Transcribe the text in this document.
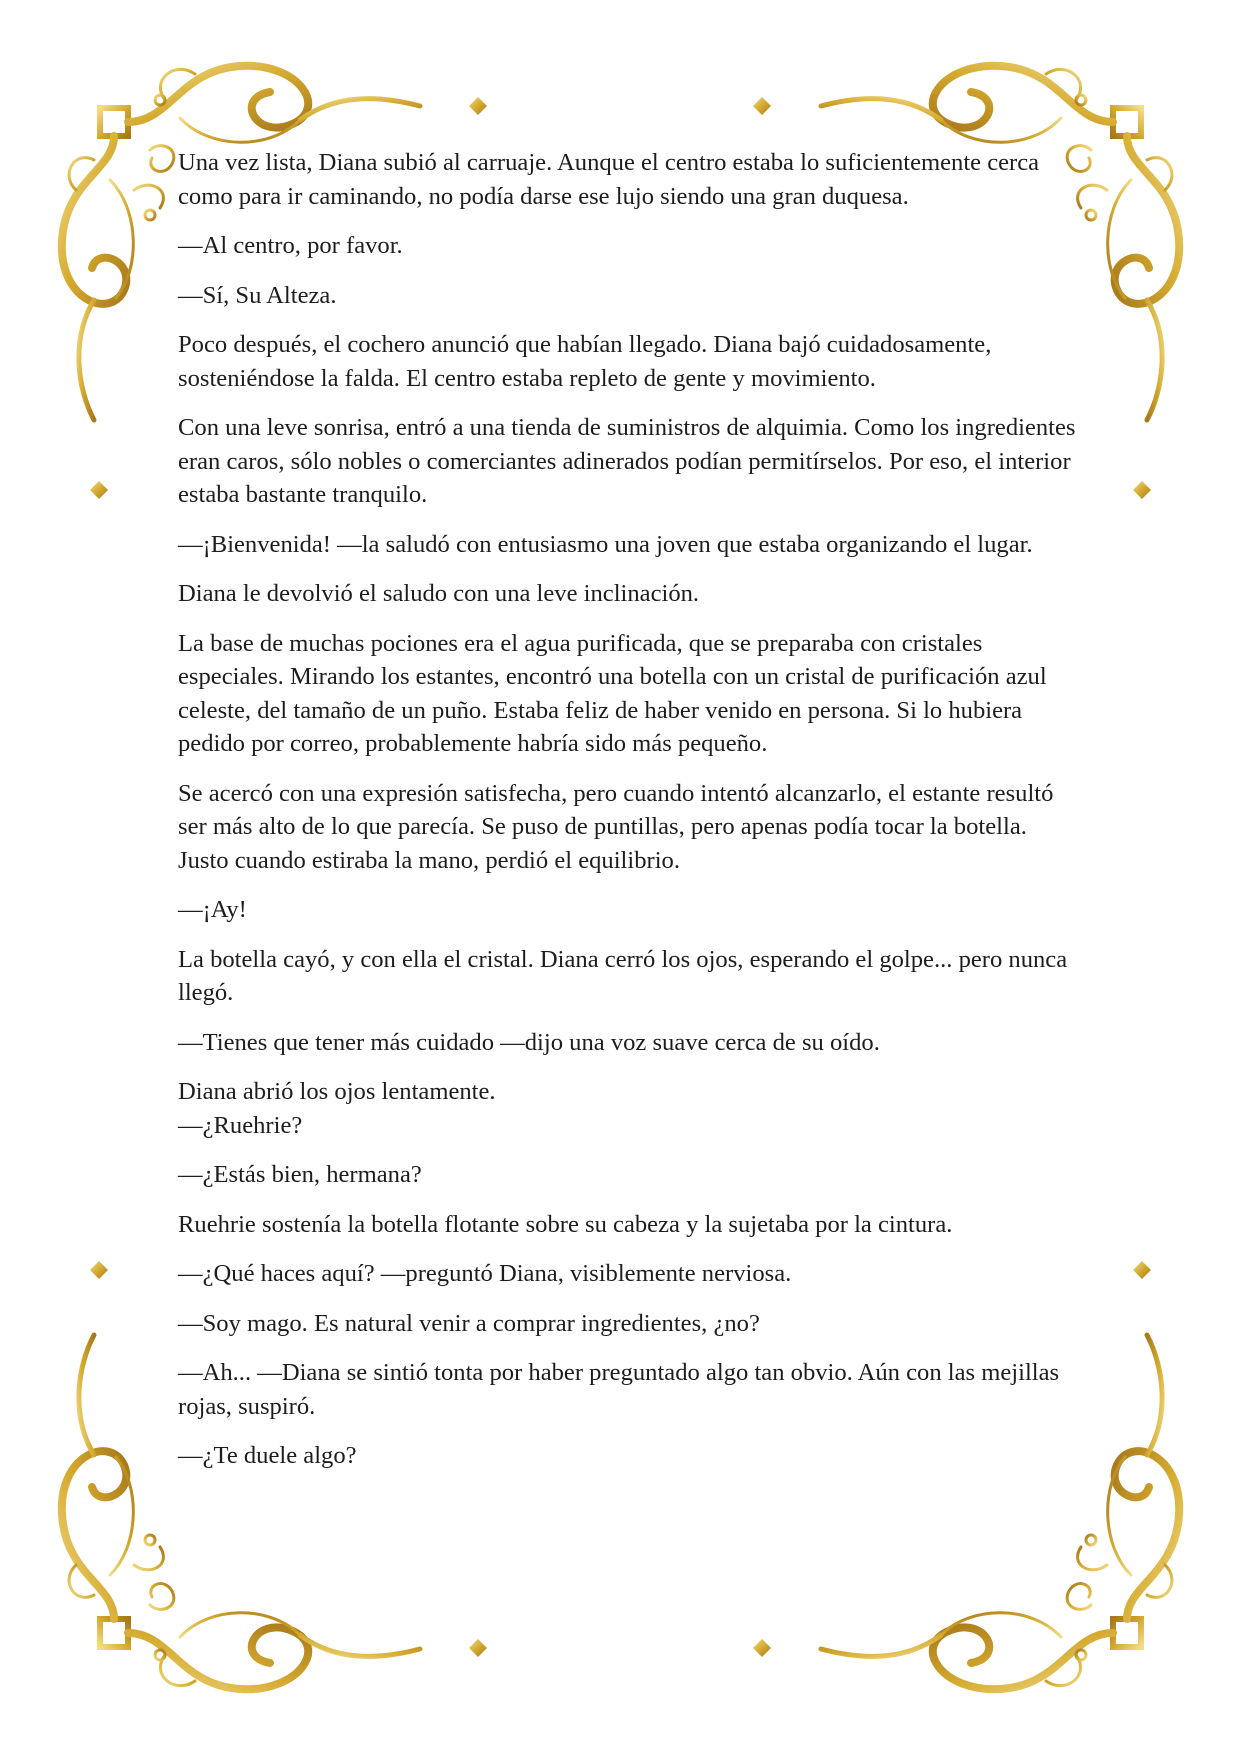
Una vez lista, Diana subió al carruaje. Aunque el centro estaba lo suficientemente cerca como para ir caminando, no podía darse ese lujo siendo una gran duquesa.

—Al centro, por favor.

—Sí, Su Alteza.

Poco después, el cochero anunció que habían llegado. Diana bajó cuidadosamente, sosteniéndose la falda. El centro estaba repleto de gente y movimiento.

Con una leve sonrisa, entró a una tienda de suministros de alquimia. Como los ingredientes eran caros, sólo nobles o comerciantes adinerados podían permitírselos. Por eso, el interior estaba bastante tranquilo.

—¡Bienvenida! —la saludó con entusiasmo una joven que estaba organizando el lugar.

Diana le devolvió el saludo con una leve inclinación.

La base de muchas pociones era el agua purificada, que se preparaba con cristales especiales. Mirando los estantes, encontró una botella con un cristal de purificación azul celeste, del tamaño de un puño. Estaba feliz de haber venido en persona. Si lo hubiera pedido por correo, probablemente habría sido más pequeño.

Se acercó con una expresión satisfecha, pero cuando intentó alcanzarlo, el estante resultó ser más alto de lo que parecía. Se puso de puntillas, pero apenas podía tocar la botella. Justo cuando estiraba la mano, perdió el equilibrio.

—¡Ay!

La botella cayó, y con ella el cristal. Diana cerró los ojos, esperando el golpe... pero nunca llegó.

—Tienes que tener más cuidado —dijo una voz suave cerca de su oído.

Diana abrió los ojos lentamente.

—¿Ruehrie?

—¿Estás bien, hermana?

Ruehrie sostenía la botella flotante sobre su cabeza y la sujetaba por la cintura.

—¿Qué haces aquí? —preguntó Diana, visiblemente nerviosa.

—Soy mago. Es natural venir a comprar ingredientes, ¿no?

—Ah... —Diana se sintió tonta por haber preguntado algo tan obvio. Aún con las mejillas rojas, suspiró.

—¿Te duele algo?
